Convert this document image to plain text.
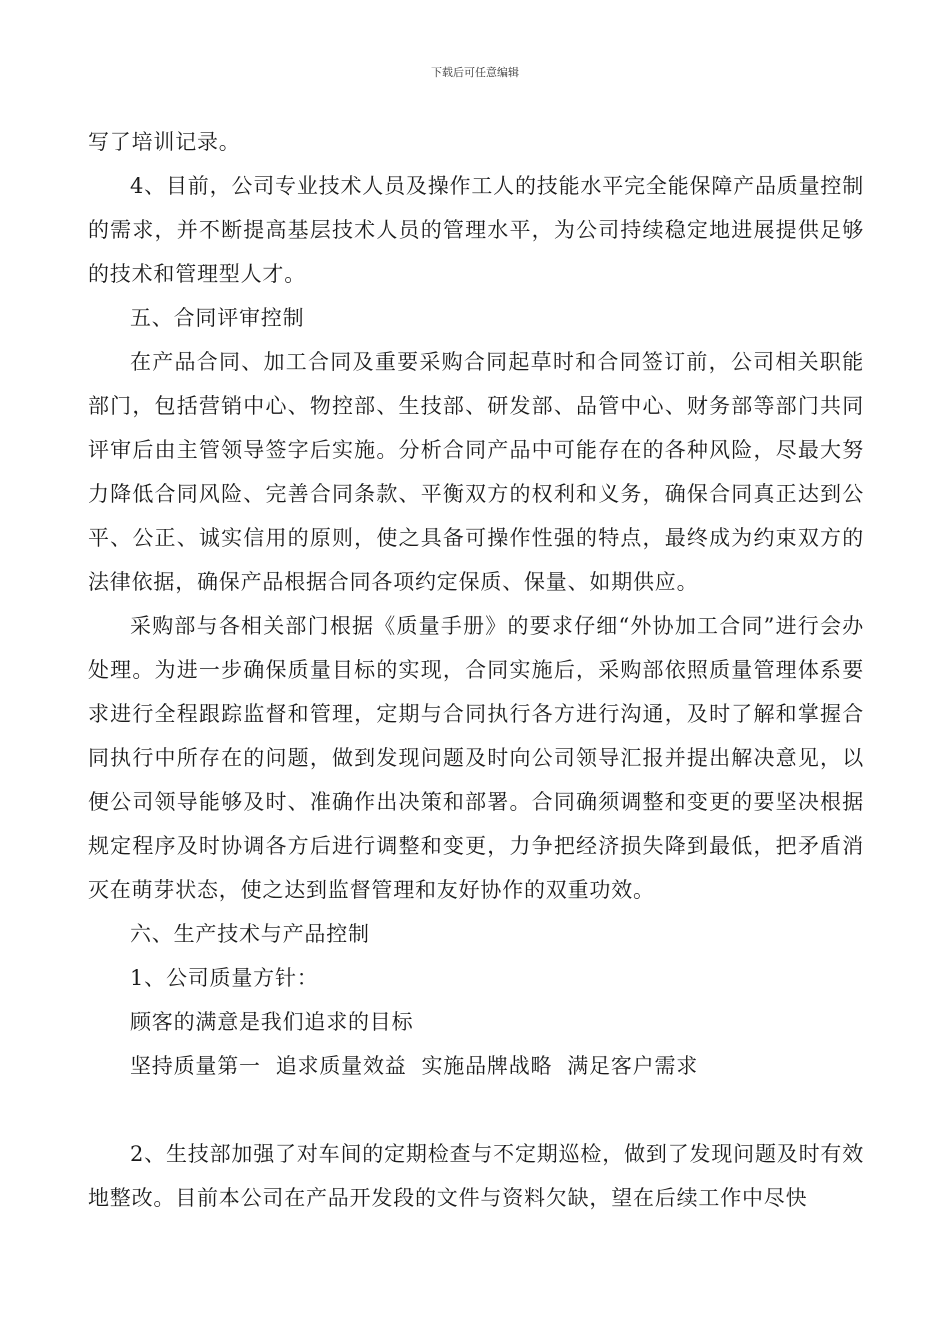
下载后可任意编辑

写了培训记录。

4、目前，公司专业技术人员及操作工人的技能水平完全能保障产品质量控制的需求，并不断提高基层技术人员的管理水平，为公司持续稳定地进展提供足够的技术和管理型人才。

五、合同评审控制

在产品合同、加工合同及重要采购合同起草时和合同签订前，公司相关职能部门，包括营销中心、物控部、生技部、研发部、品管中心、财务部等部门共同评审后由主管领导签字后实施。分析合同产品中可能存在的各种风险，尽最大努力降低合同风险、完善合同条款、平衡双方的权利和义务，确保合同真正达到公平、公正、诚实信用的原则，使之具备可操作性强的特点，最终成为约束双方的法律依据，确保产品根据合同各项约定保质、保量、如期供应。

采购部与各相关部门根据《质量手册》的要求仔细“外协加工合同”进行会办处理。为进一步确保质量目标的实现，合同实施后，采购部依照质量管理体系要求进行全程跟踪监督和管理，定期与合同执行各方进行沟通，及时了解和掌握合同执行中所存在的问题，做到发现问题及时向公司领导汇报并提出解决意见，以便公司领导能够及时、准确作出决策和部署。合同确须调整和变更的要坚决根据规定程序及时协调各方后进行调整和变更，力争把经济损失降到最低，把矛盾消灭在萌芽状态，使之达到监督管理和友好协作的双重功效。

六、生产技术与产品控制

1、公司质量方针：

顾客的满意是我们追求的目标

坚持质量第一  追求质量效益  实施品牌战略  满足客户需求

2、生技部加强了对车间的定期检查与不定期巡检，做到了发现问题及时有效地整改。目前本公司在产品开发段的文件与资料欠缺，望在后续工作中尽快
